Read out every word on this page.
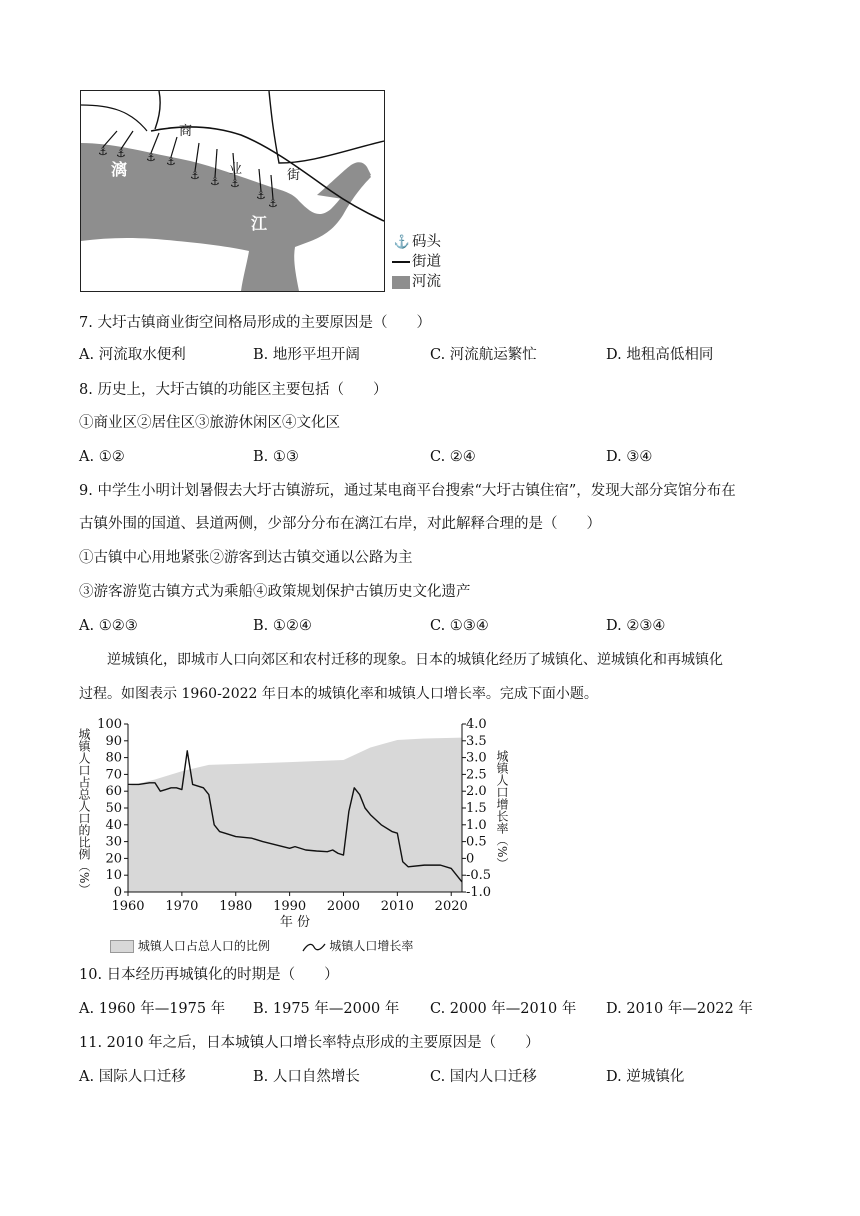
⚓ ⚓ ⚓ ⚓
⚓ ⚓ ⚓
⚓
⚓
商
业	街
漓
江
⚓ 码头
街道
河流
7. 大圩古镇商业街空间格局形成的主要原因是（　　）
A. 河流取水便利	B. 地形平坦开阔	C. 河流航运繁忙	D. 地租高低相同
8. 历史上，大圩古镇的功能区主要包括（　　）
①商业区②居住区③旅游休闲区④文化区
A. ①②	B. ①③	C. ②④	D. ③④
9. 中学生小明计划暑假去大圩古镇游玩，通过某电商平台搜索“大圩古镇住宿”，发现大部分宾馆分布在
古镇外围的国道、县道两侧，少部分分布在漓江右岸，对此解释合理的是（　　）
①古镇中心用地紧张②游客到达古镇交通以公路为主
③游客游览古镇方式为乘船④政策规划保护古镇历史文化遗产
A. ①②③	B. ①②④	C. ①③④	D. ②③④
逆城镇化，即城市人口向郊区和农村迁移的现象。日本的城镇化经历了城镇化、逆城镇化和再城镇化
过程。如图表示 1960-2022 年日本的城镇化率和城镇人口增长率。完成下面小题。
0
10
20
30
40
50
60
70
80
90
100
-1.0
-0.5
0
0.5
1.0
1.5
2.0
2.5
3.0
3.5
4.0
1960 1970 1980 1990 2000 2010 2020
年 份
城镇人口占总人口的比例（%）	城镇人口增长率（%）
城镇人口占总人口的比例	城镇人口增长率
10. 日本经历再城镇化的时期是（　　）
A. 1960 年—1975 年 B. 1975 年—2000 年 C. 2000 年—2010 年 D. 2010 年—2022 年
11. 2010 年之后，日本城镇人口增长率特点形成的主要原因是（　　）
A. 国际人口迁移	B. 人口自然增长	C. 国内人口迁移	D. 逆城镇化
